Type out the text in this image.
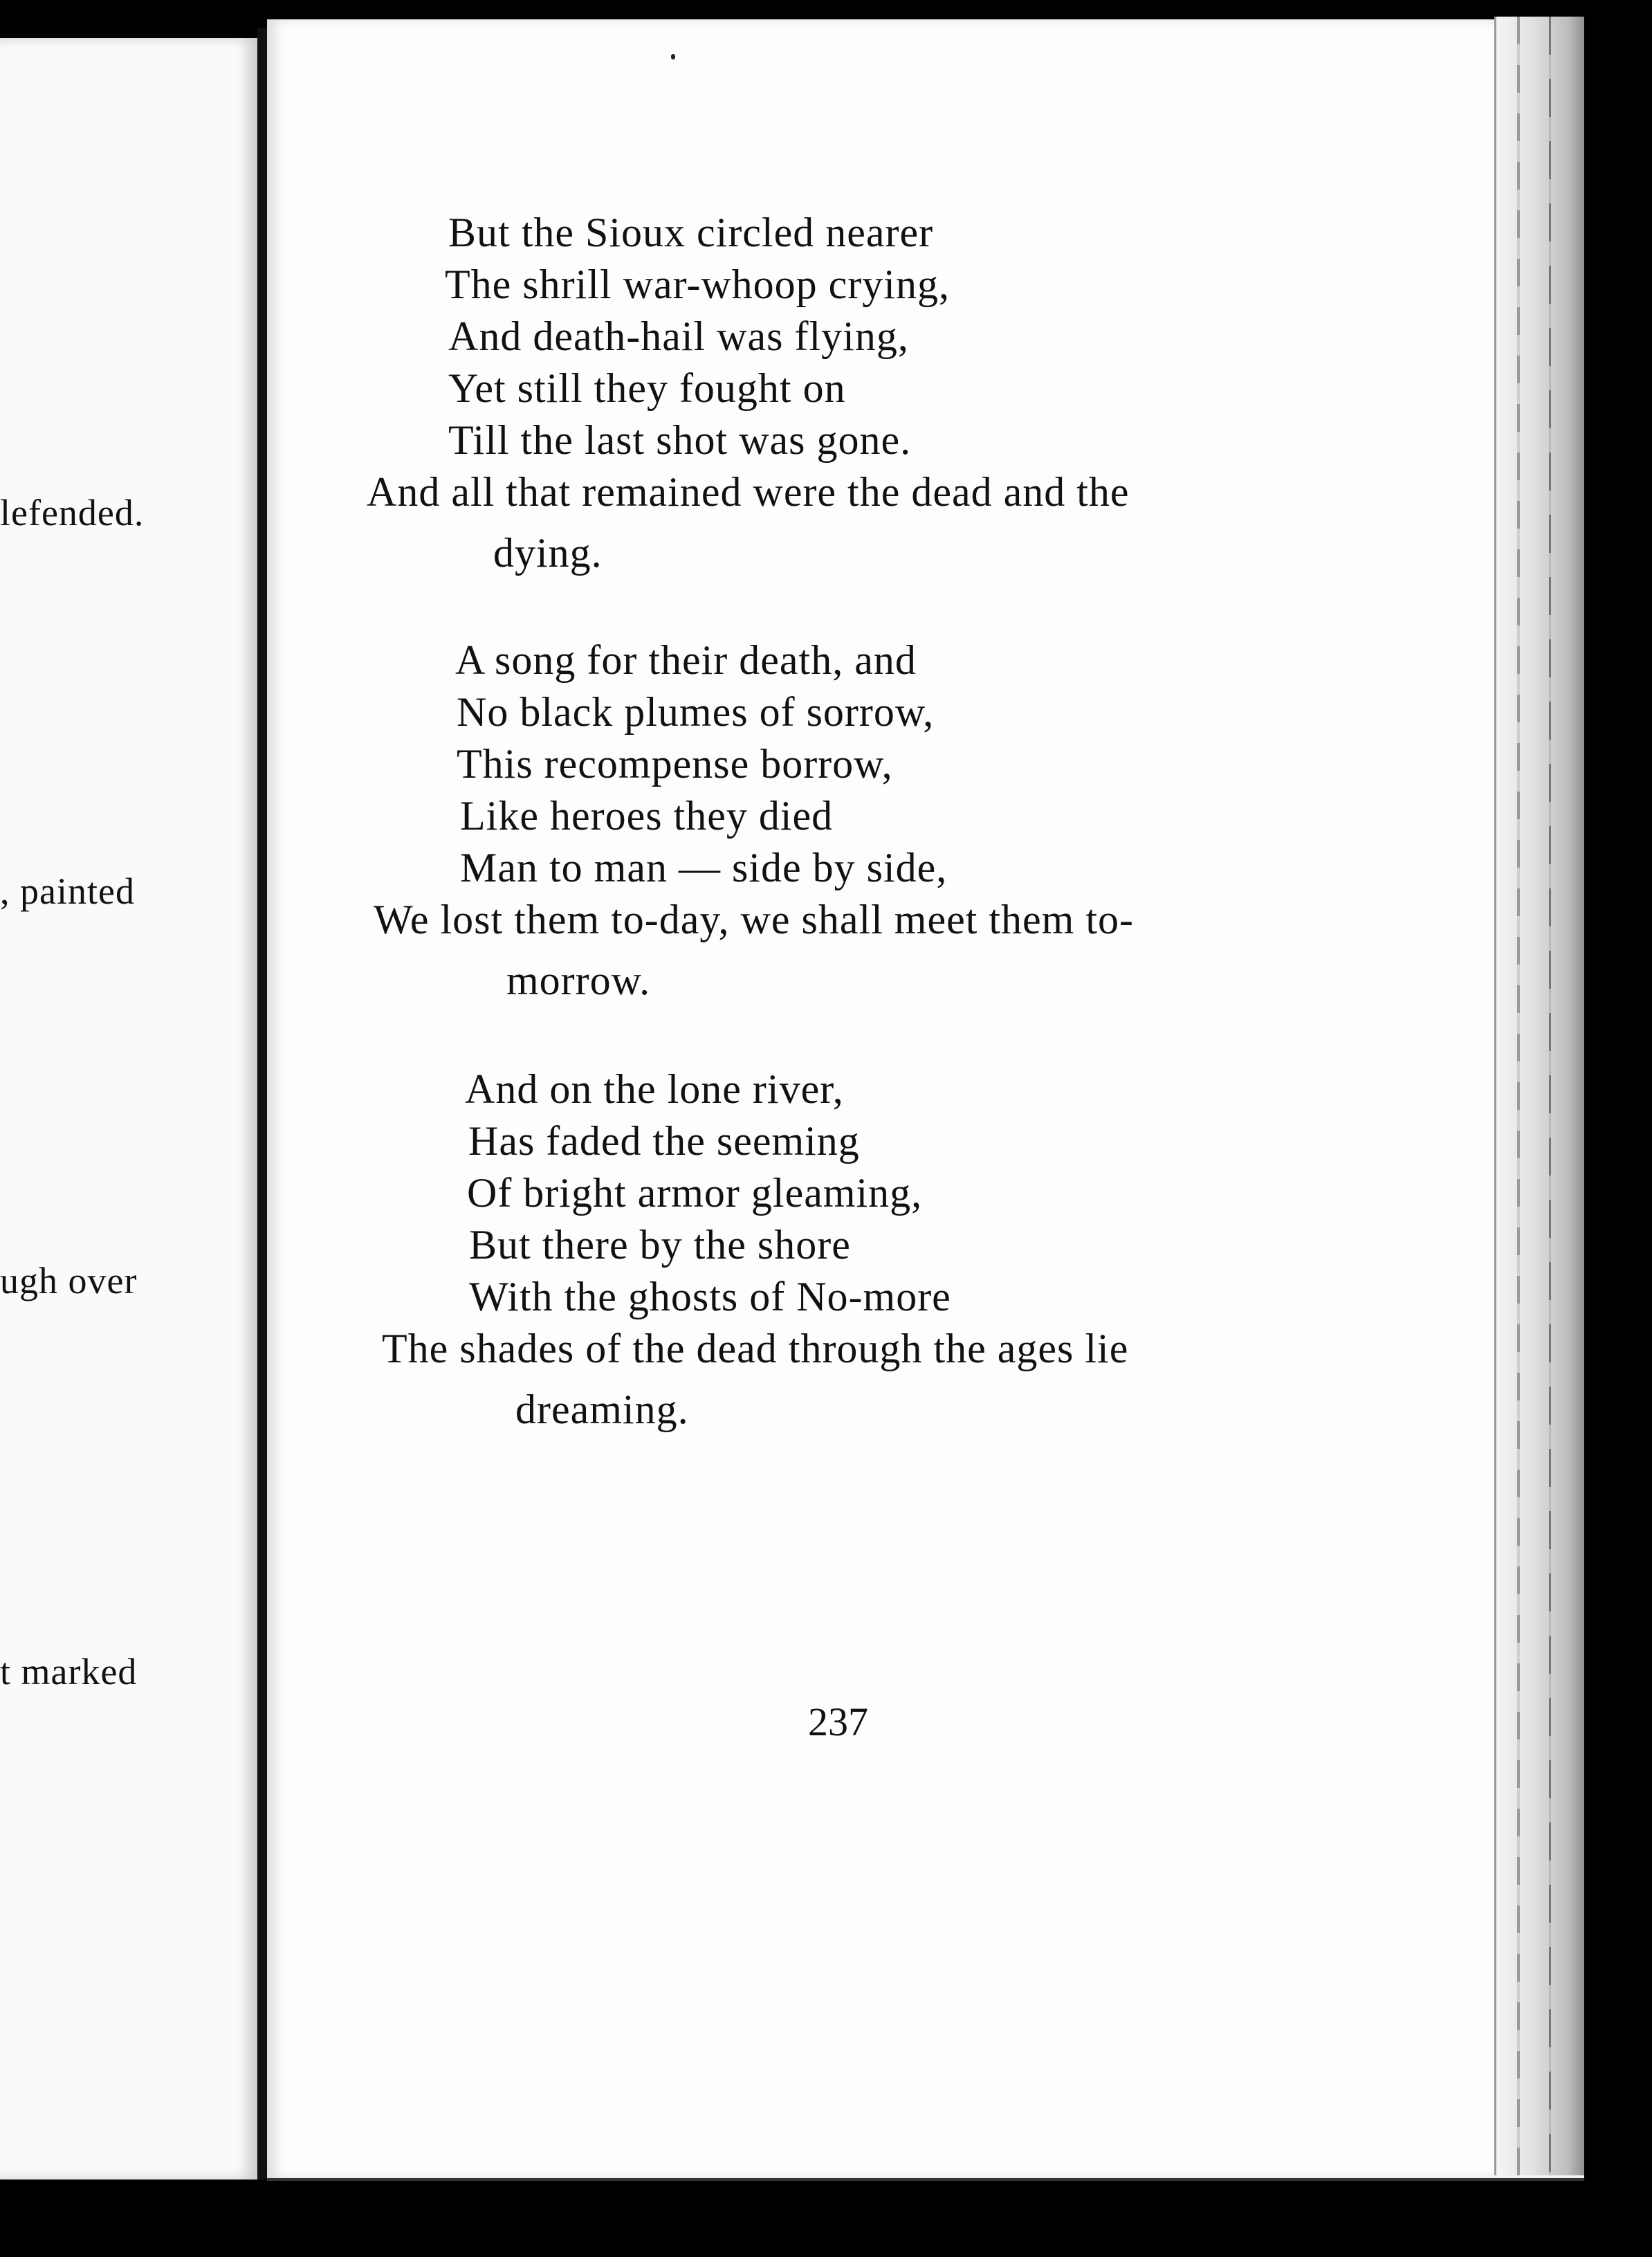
lefended.
, painted
ugh over
t marked
But the Sioux circled nearer
The shrill war-whoop crying,
And death-hail was flying,
Yet still they fought on
Till the last shot was gone.
And all that remained were the dead and the
dying.
A song for their death, and
No black plumes of sorrow,
This recompense borrow,
Like heroes they died
Man to man — side by side,
We lost them to-day, we shall meet them to-
morrow.
And on the lone river,
Has faded the seeming
Of bright armor gleaming,
But there by the shore
With the ghosts of No-more
The shades of the dead through the ages lie
dreaming.
237
